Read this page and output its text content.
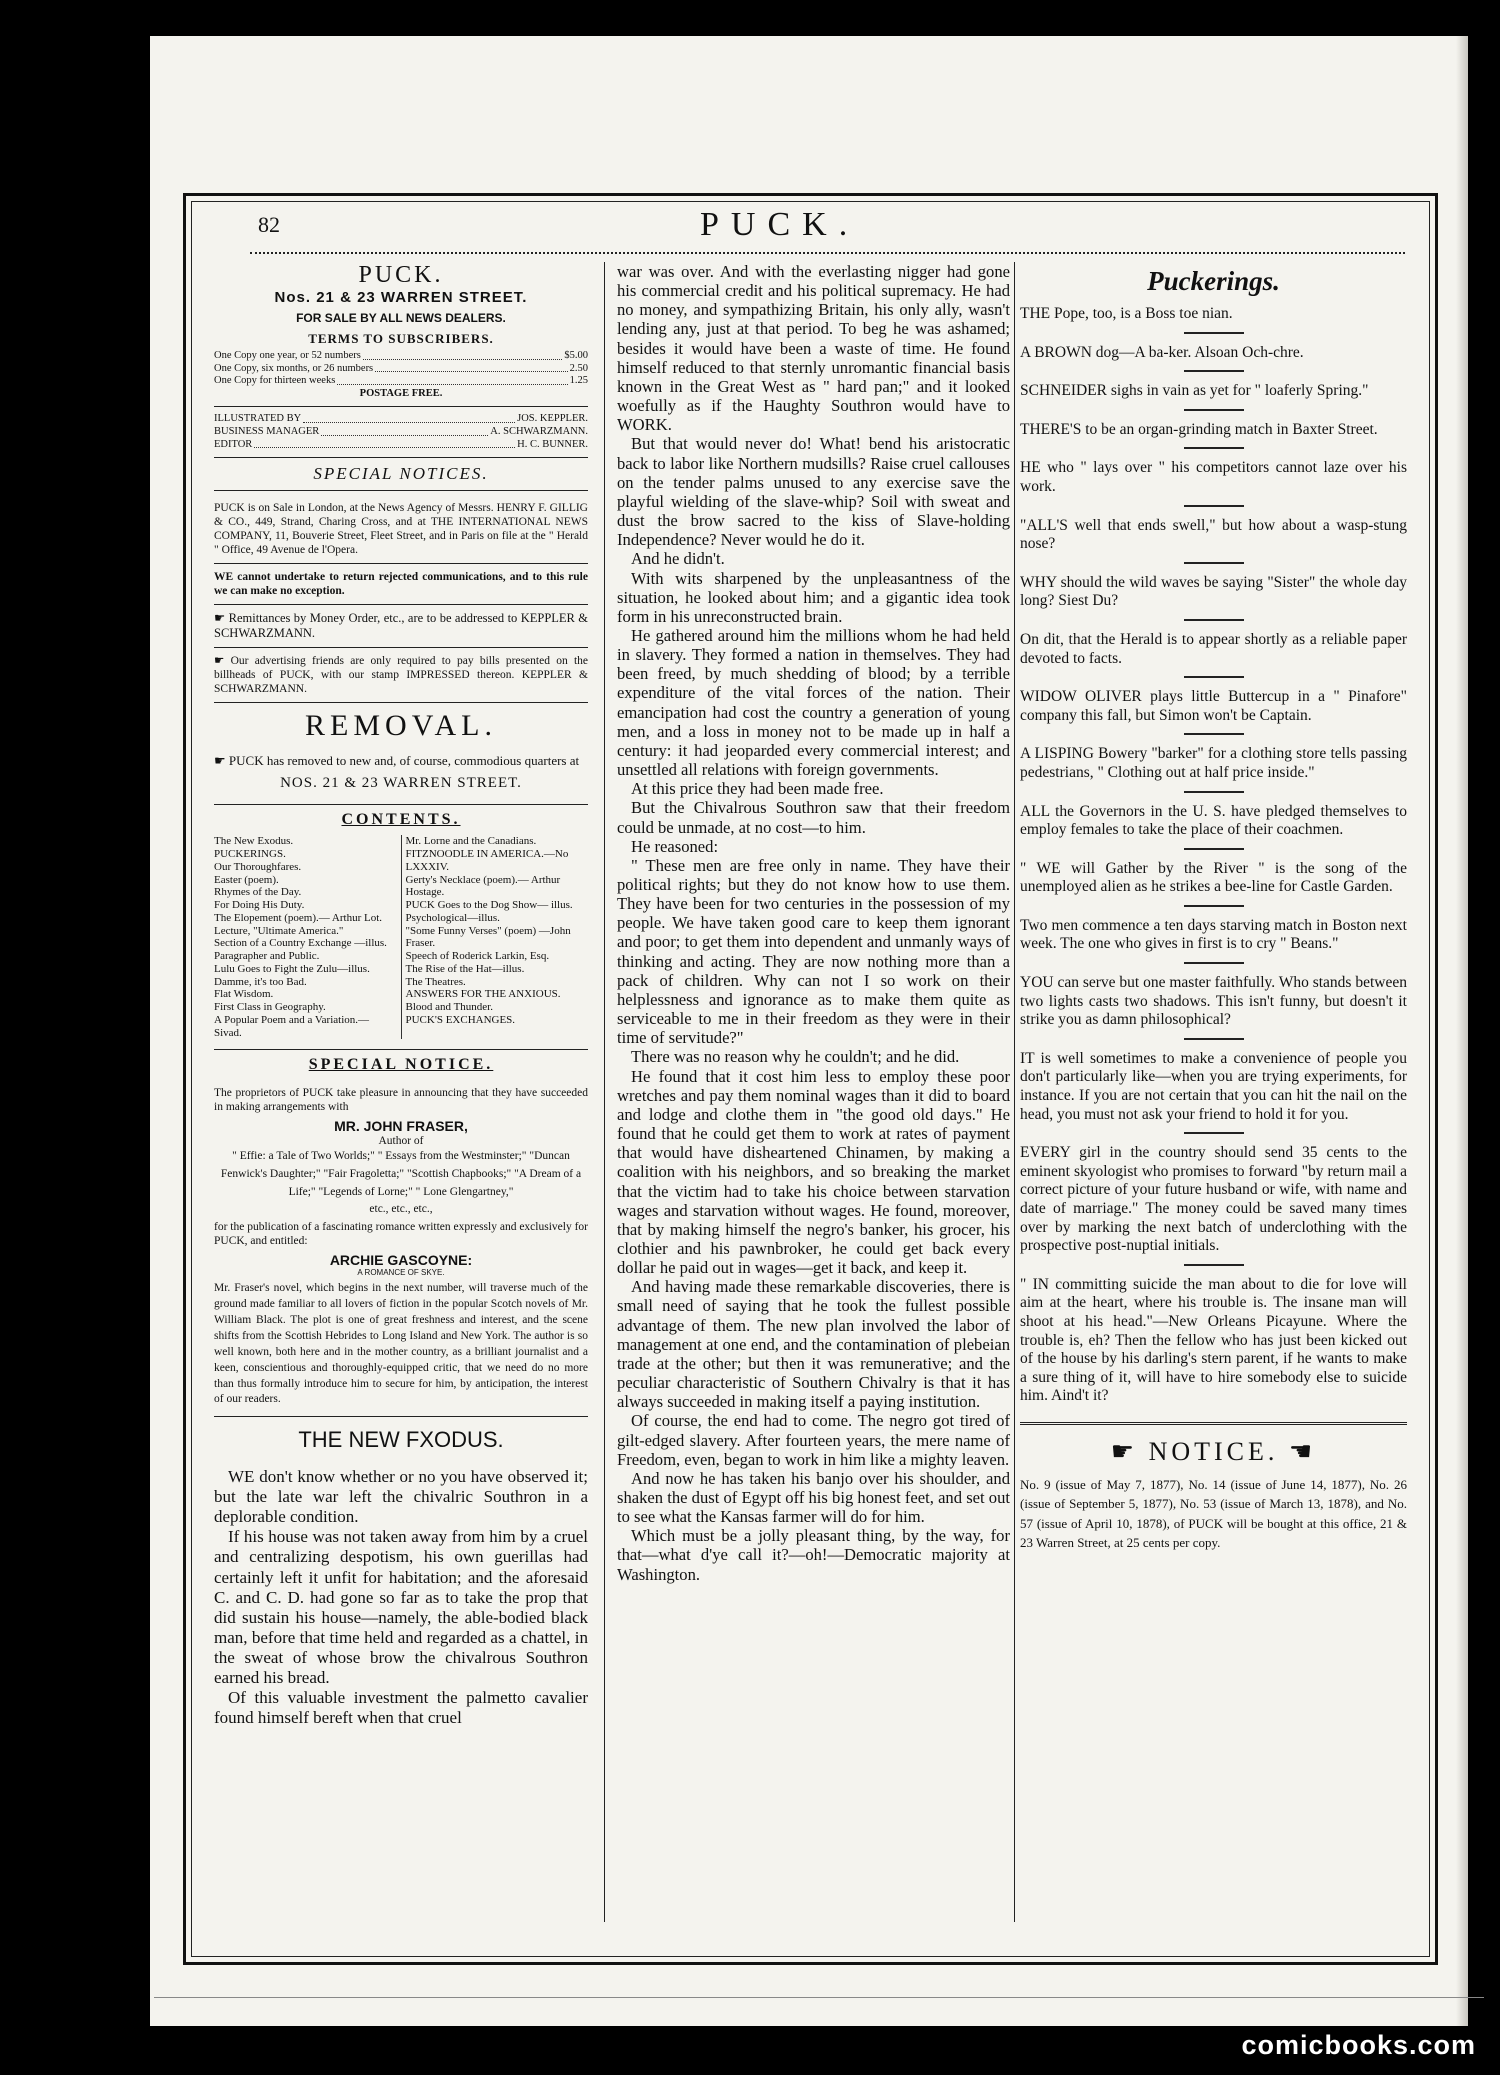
82	PUCK.
PUCK.
Nos. 21 & 23 WARREN STREET.
FOR SALE BY ALL NEWS DEALERS.
TERMS TO SUBSCRIBERS.
One Copy one year, or 52 numbers	$5.00
One Copy, six months, or 26 numbers	2.50
One Copy for thirteen weeks	1.25
POSTAGE FREE.
ILLUSTRATED BY	JOS. KEPPLER.
BUSINESS MANAGER	A. SCHWARZMANN.
EDITOR	H. C. BUNNER.
SPECIAL NOTICES.
PUCK is on Sale in London, at the News Agency of Messrs. HENRY F. GILLIG & CO., 449, Strand, Charing Cross, and at THE INTERNATIONAL NEWS COMPANY, 11, Bouverie Street, Fleet Street, and in Paris on file at the " Herald " Office, 49 Avenue de l'Opera.
WE cannot undertake to return rejected communications, and to this rule we can make no exception.
☛ Remittances by Money Order, etc., are to be addressed to KEPPLER & SCHWARZMANN.
☛ Our advertising friends are only required to pay bills presented on the billheads of PUCK, with our stamp IMPRESSED thereon. KEPPLER & SCHWARZMANN.
REMOVAL.
☛ PUCK has removed to new and, of course, commodious quarters at
NOS. 21 & 23 WARREN STREET.
CONTENTS.
The New Exodus.
PUCKERINGS.
Our Thoroughfares.
Easter (poem).
Rhymes of the Day.
For Doing His Duty.
The Elopement (poem).— Arthur Lot.
Lecture, "Ultimate America."
Section of a Country Exchange —illus.
Paragrapher and Public.
Lulu Goes to Fight the Zulu—illus.
Damme, it's too Bad.
Flat Wisdom.
First Class in Geography.
A Popular Poem and a Variation.—Sivad.
Mr. Lorne and the Canadians.
FITZNOODLE IN AMERICA.—No LXXXIV.
Gerty's Necklace (poem).— Arthur Hostage.
PUCK Goes to the Dog Show— illus.
Psychological—illus.
"Some Funny Verses" (poem) —John Fraser.
Speech of Roderick Larkin, Esq.
The Rise of the Hat—illus.
The Theatres.
ANSWERS FOR THE ANXIOUS.
Blood and Thunder.
PUCK'S EXCHANGES.
SPECIAL NOTICE.
The proprietors of PUCK take pleasure in announcing that they have succeeded in making arrangements with
MR. JOHN FRASER,
Author of
" Effie: a Tale of Two Worlds;" " Essays from the Westminster;" "Duncan Fenwick's Daughter;" "Fair Fragoletta;" "Scottish Chapbooks;" "A Dream of a Life;" "Legends of Lorne;" " Lone Glengartney,"
etc., etc., etc.,
for the publication of a fascinating romance written expressly and exclusively for PUCK, and entitled:
ARCHIE GASCOYNE:
A ROMANCE OF SKYE.
Mr. Fraser's novel, which begins in the next number, will traverse much of the ground made familiar to all lovers of fiction in the popular Scotch novels of Mr. William Black. The plot is one of great freshness and interest, and the scene shifts from the Scottish Hebrides to Long Island and New York. The author is so well known, both here and in the mother country, as a brilliant journalist and a keen, conscientious and thoroughly-equipped critic, that we need do no more than thus formally introduce him to secure for him, by anticipation, the interest of our readers.
THE NEW FXODUS.

WE don't know whether or no you have observed it; but the late war left the chivalric Southron in a deplorable condition.

If his house was not taken away from him by a cruel and centralizing despotism, his own guerillas had certainly left it unfit for habitation; and the aforesaid C. and C. D. had gone so far as to take the prop that did sustain his house—namely, the able-bodied black man, before that time held and regarded as a chattel, in the sweat of whose brow the chivalrous Southron earned his bread.

Of this valuable investment the palmetto cavalier found himself bereft when that cruel

war was over. And with the everlasting nigger had gone his commercial credit and his political supremacy. He had no money, and sympathizing Britain, his only ally, wasn't lending any, just at that period. To beg he was ashamed; besides it would have been a waste of time. He found himself reduced to that sternly unromantic financial basis known in the Great West as " hard pan;" and it looked woefully as if the Haughty Southron would have to WORK.

But that would never do! What! bend his aristocratic back to labor like Northern mudsills? Raise cruel callouses on the tender palms unused to any exercise save the playful wielding of the slave-whip? Soil with sweat and dust the brow sacred to the kiss of Slave-holding Independence? Never would he do it.

And he didn't.

With wits sharpened by the unpleasantness of the situation, he looked about him; and a gigantic idea took form in his unreconstructed brain.

He gathered around him the millions whom he had held in slavery. They formed a nation in themselves. They had been freed, by much shedding of blood; by a terrible expenditure of the vital forces of the nation. Their emancipation had cost the country a generation of young men, and a loss in money not to be made up in half a century: it had jeoparded every commercial interest; and unsettled all relations with foreign governments.

At this price they had been made free.

But the Chivalrous Southron saw that their freedom could be unmade, at no cost—to him.

He reasoned:

" These men are free only in name. They have their political rights; but they do not know how to use them. They have been for two centuries in the possession of my people. We have taken good care to keep them ignorant and poor; to get them into dependent and unmanly ways of thinking and acting. They are now nothing more than a pack of children. Why can not I so work on their helplessness and ignorance as to make them quite as serviceable to me in their freedom as they were in their time of servitude?"

There was no reason why he couldn't; and he did.

He found that it cost him less to employ these poor wretches and pay them nominal wages than it did to board and lodge and clothe them in "the good old days." He found that he could get them to work at rates of payment that would have disheartened Chinamen, by making a coalition with his neighbors, and so breaking the market that the victim had to take his choice between starvation wages and starvation without wages. He found, moreover, that by making himself the negro's banker, his grocer, his clothier and his pawnbroker, he could get back every dollar he paid out in wages—get it back, and keep it.

And having made these remarkable discoveries, there is small need of saying that he took the fullest possible advantage of them. The new plan involved the labor of management at one end, and the contamination of plebeian trade at the other; but then it was remunerative; and the peculiar characteristic of Southern Chivalry is that it has always succeeded in making itself a paying institution.

Of course, the end had to come. The negro got tired of gilt-edged slavery. After fourteen years, the mere name of Freedom, even, began to work in him like a mighty leaven.

And now he has taken his banjo over his shoulder, and shaken the dust of Egypt off his big honest feet, and set out to see what the Kansas farmer will do for him.

Which must be a jolly pleasant thing, by the way, for that—what d'ye call it?—oh!—Democratic majority at Washington.

Puckerings.

THE Pope, too, is a Boss toe nian.

A BROWN dog—A ba-ker. Alsoan Och-chre.

SCHNEIDER sighs in vain as yet for " loaferly Spring."

THERE'S to be an organ-grinding match in Baxter Street.

HE who " lays over " his competitors cannot laze over his work.

"ALL'S well that ends swell," but how about a wasp-stung nose?

WHY should the wild waves be saying "Sister" the whole day long? Siest Du?

On dit, that the Herald is to appear shortly as a reliable paper devoted to facts.

WIDOW OLIVER plays little Buttercup in a " Pinafore" company this fall, but Simon won't be Captain.

A LISPING Bowery "barker" for a clothing store tells passing pedestrians, " Clothing out at half price inside."

ALL the Governors in the U. S. have pledged themselves to employ females to take the place of their coachmen.

" WE will Gather by the River " is the song of the unemployed alien as he strikes a bee-line for Castle Garden.

Two men commence a ten days starving match in Boston next week. The one who gives in first is to cry " Beans."

YOU can serve but one master faithfully. Who stands between two lights casts two shadows. This isn't funny, but doesn't it strike you as damn philosophical?

IT is well sometimes to make a convenience of people you don't particularly like—when you are trying experiments, for instance. If you are not certain that you can hit the nail on the head, you must not ask your friend to hold it for you.

EVERY girl in the country should send 35 cents to the eminent skyologist who promises to forward "by return mail a correct picture of your future husband or wife, with name and date of marriage." The money could be saved many times over by marking the next batch of underclothing with the prospective post-nuptial initials.

" IN committing suicide the man about to die for love will aim at the heart, where his trouble is. The insane man will shoot at his head."—New Orleans Picayune. Where the trouble is, eh? Then the fellow who has just been kicked out of the house by his darling's stern parent, if he wants to make a sure thing of it, will have to hire somebody else to suicide him. Aind't it?

☛ NOTICE. ☚
No. 9 (issue of May 7, 1877), No. 14 (issue of June 14, 1877), No. 26 (issue of September 5, 1877), No. 53 (issue of March 13, 1878), and No. 57 (issue of April 10, 1878), of PUCK will be bought at this office, 21 & 23 Warren Street, at 25 cents per copy.
comicbooks.com
